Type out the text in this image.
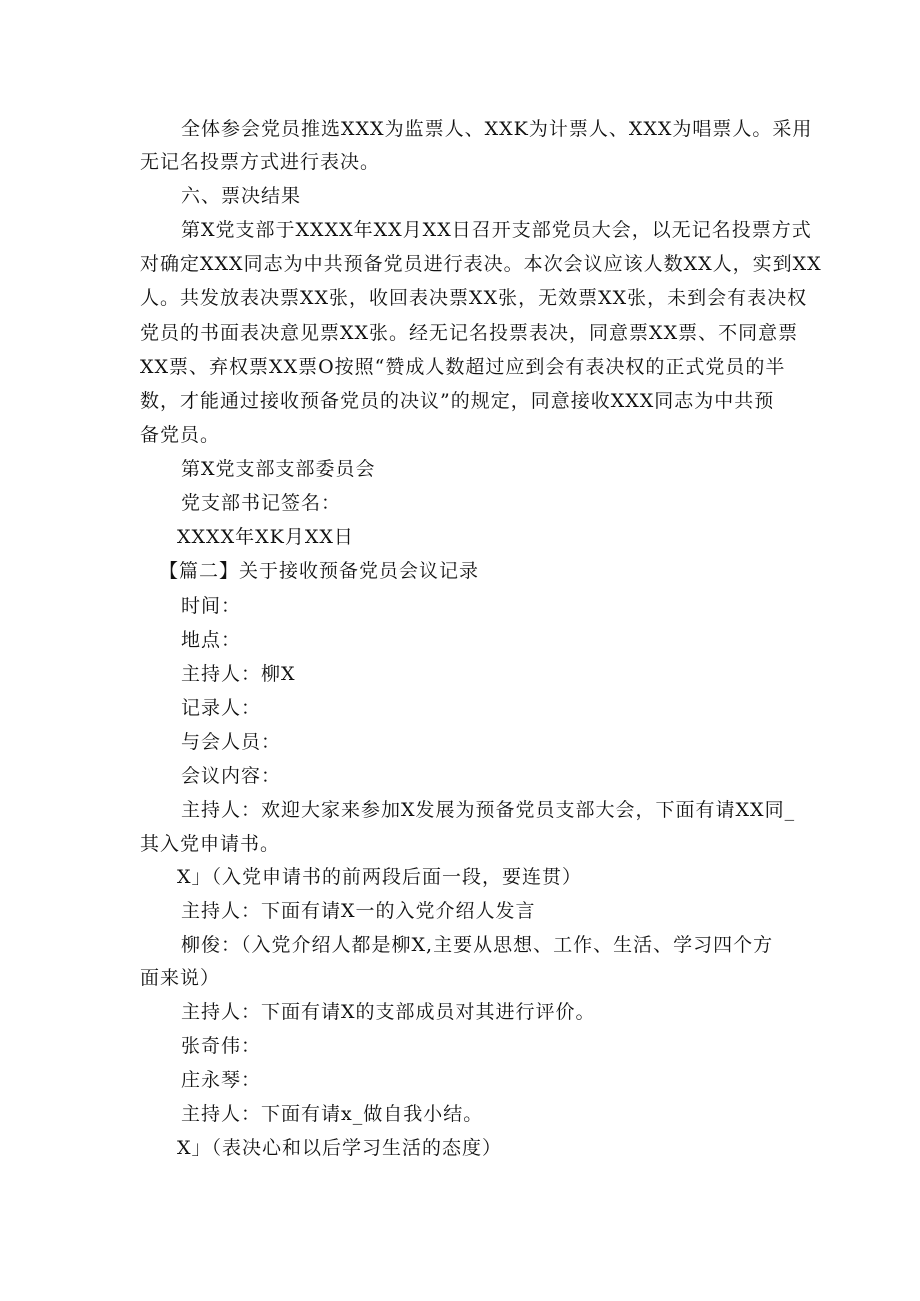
全体参会党员推选XXX为监票人、XXK为计票人、XXX为唱票人。采用
无记名投票方式进行表决。
六、票决结果
第X党支部于XXXX年XX月XX日召开支部党员大会，以无记名投票方式
对确定XXX同志为中共预备党员进行表决。本次会议应该人数XX人，实到XX
人。共发放表决票XX张，收回表决票XX张，无效票XX张，未到会有表决权
党员的书面表决意见票XX张。经无记名投票表决，同意票XX票、不同意票
XX票、弃权票XX票O按照“赞成人数超过应到会有表决权的正式党员的半
数，才能通过接收预备党员的决议”的规定，同意接收XXX同志为中共预
备党员。
第X党支部支部委员会
党支部书记签名：
XXXX年XK月XX日
【篇二】关于接收预备党员会议记录
时间：
地点：
主持人：柳X
记录人：
与会人员：
会议内容：
主持人：欢迎大家来参加X发展为预备党员支部大会，下面有请XX同_
其入党申请书。
X」（入党申请书的前两段后面一段，要连贯）
主持人：下面有请X一的入党介绍人发言
柳俊：（入党介绍人都是柳X,主要从思想、工作、生活、学习四个方
面来说）
主持人：下面有请X的支部成员对其进行评价。
张奇伟：
庄永琴：
主持人：下面有请x_做自我小结。
X」（表决心和以后学习生活的态度）
